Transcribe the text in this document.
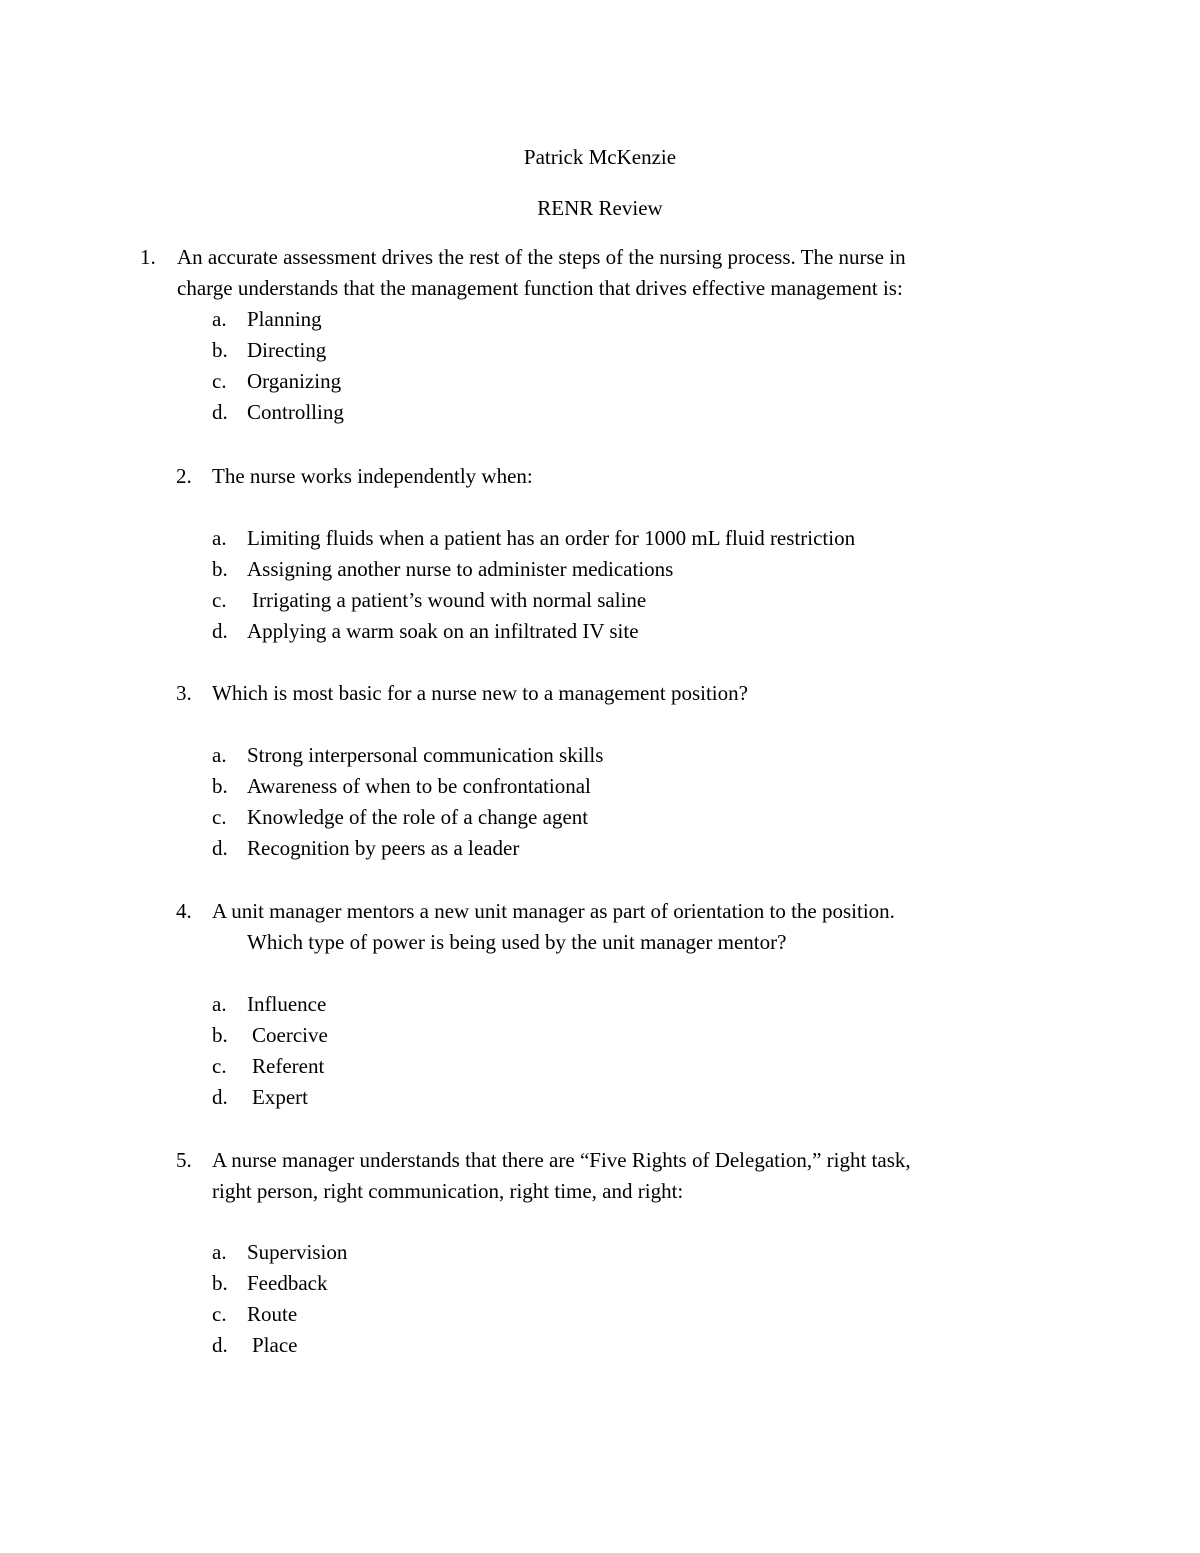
Patrick McKenzie
RENR Review
1. An accurate assessment drives the rest of the steps of the nursing process. The nurse in
charge understands that the management function that drives effective management is:
a. Planning
b. Directing
c. Organizing
d. Controlling
2. The nurse works independently when:
a. Limiting fluids when a patient has an order for 1000 mL fluid restriction
b. Assigning another nurse to administer medications
c. Irrigating a patient’s wound with normal saline
d. Applying a warm soak on an infiltrated IV site
3. Which is most basic for a nurse new to a management position?
a. Strong interpersonal communication skills
b. Awareness of when to be confrontational
c. Knowledge of the role of a change agent
d. Recognition by peers as a leader
4. A unit manager mentors a new unit manager as part of orientation to the position.
Which type of power is being used by the unit manager mentor?
a. Influence
b. Coercive
c. Referent
d. Expert
5. A nurse manager understands that there are “Five Rights of Delegation,” right task,
right person, right communication, right time, and right:
a. Supervision
b. Feedback
c. Route
d. Place
